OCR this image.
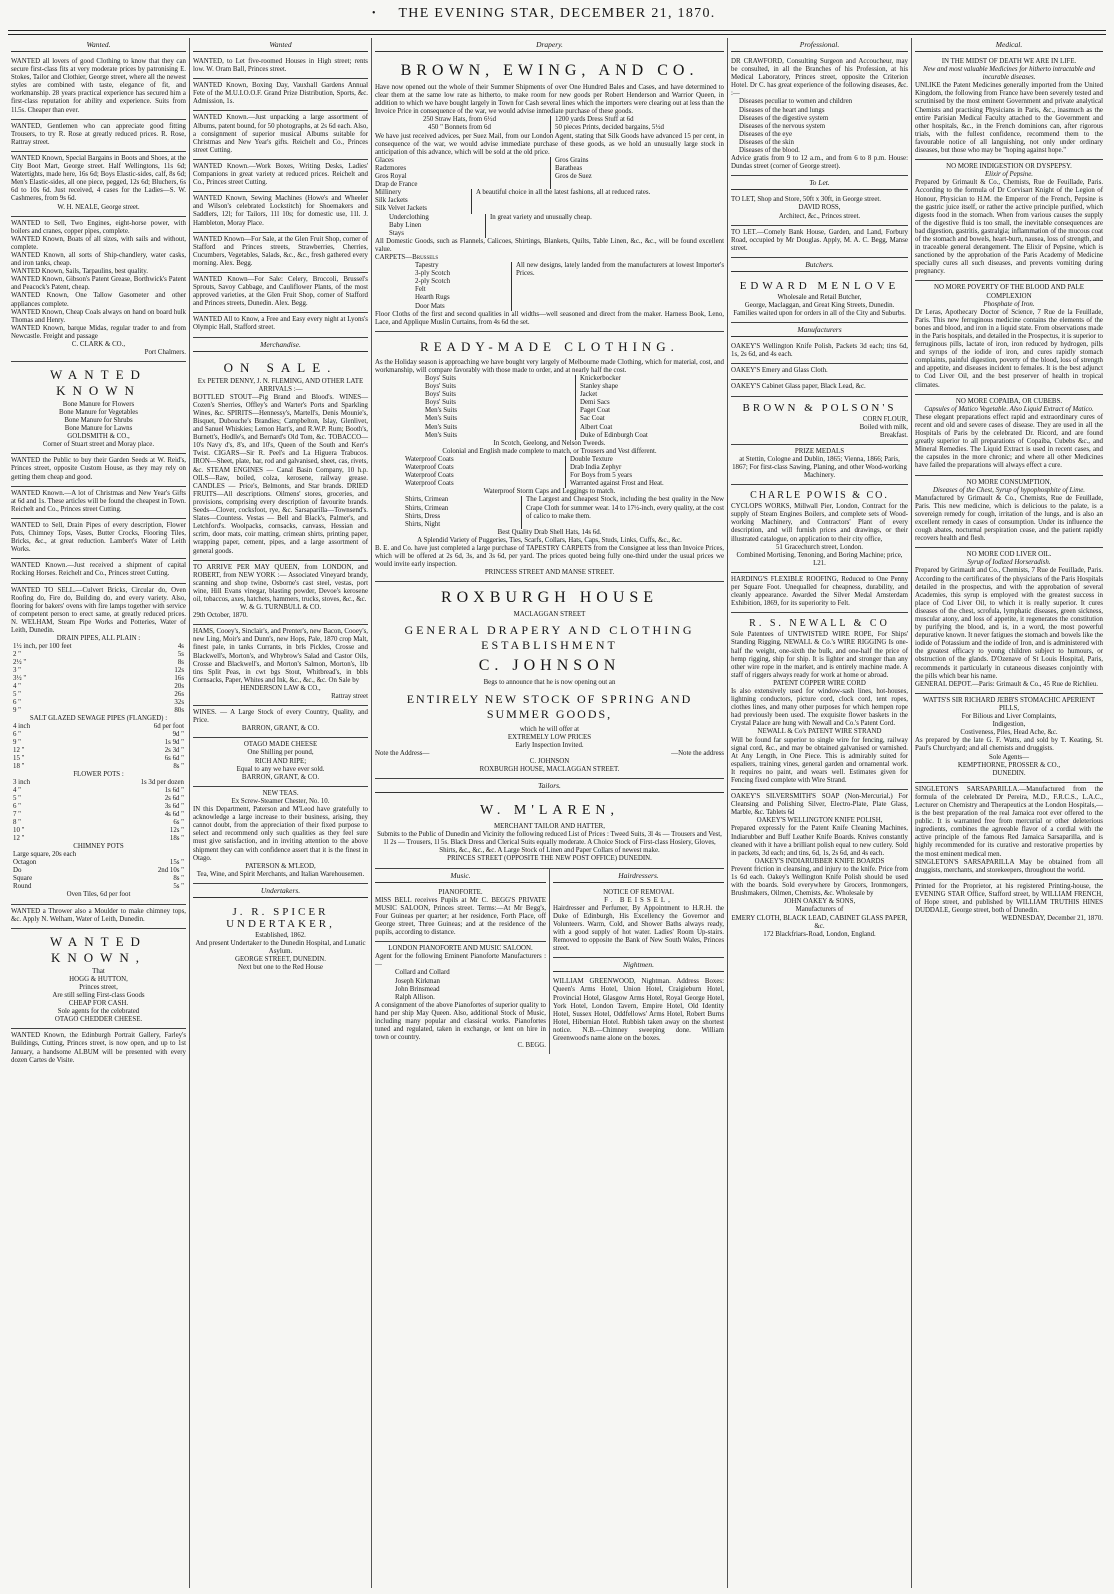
• THE EVENING STAR, DECEMBER 21, 1870.
Wanted.

WANTED all lovers of good Clothing to know that they can secure first-class fits at very moderate prices by patronising E. Stokes, Tailor and Clothier, George street, where all the newest styles are combined with taste, elegance of fit, and workmanship. 28 years practical experience has secured him a first-class reputation for ability and experience. Suits from 1l.5s. Cheaper than ever.

WANTED, Gentlemen who can appreciate good fitting Trousers, to try R. Rose at greatly reduced prices. R. Rose, Rattray street.

WANTED Known, Special Bargains in Boots and Shoes, at the City Boot Mart, George street. Half Wellingtons, 11s 6d; Watertights, made here, 16s 6d; Boys Elastic-sides, calf, 8s 6d; Men's Elastic-sides, all one piece, pegged, 12s 6d; Bluchers, 6s 6d to 10s 6d. Just received, 4 cases for the Ladies—S. W. Cashmeres, from 9s 6d.

W. H. NEALE, George street.

WANTED to Sell, Two Engines, eight-horse power, with boilers and cranes, copper pipes, complete.

WANTED Known, Boats of all sizes, with sails and without, complete.

WANTED Known, all sorts of Ship-chandlery, water casks, and iron tanks, cheap.

WANTED Known, Sails, Tarpaulins, best quality.

WANTED Known, Gibson's Patent Grease, Borthwick's Patent and Peacock's Patent, cheap.

WANTED Known, One Tallow Gasometer and other appliances complete.

WANTED Known, Cheap Coals always on hand on board hulk Thomas and Henry.

WANTED Known, barque Midas, regular trader to and from Newcastle. Freight and passage

C. CLARK & CO.,

Port Chalmers.

WANTED KNOWN

Bone Manure for Flowers

Bone Manure for Vegetables

Bone Manure for Shrubs

Bone Manure for Lawns

GOLDSMITH & CO.,

Corner of Stuart street and Moray place.

WANTED the Public to buy their Garden Seeds at W. Reid's, Princes street, opposite Custom House, as they may rely on getting them cheap and good.

WANTED Known.—A lot of Christmas and New Year's Gifts at 6d and 1s. These articles will be found the cheapest in Town. Reichelt and Co., Princes street Cutting.

WANTED to Sell, Drain Pipes of every description, Flower Pots, Chimney Tops, Vases, Butter Crocks, Flooring Tiles, Bricks, &c., at great reduction. Lambert's Water of Leith Works.

WANTED Known.—Just received a shipment of capital Rocking Horses. Reichelt and Co., Princes street Cutting.

WANTED TO SELL.—Culvert Bricks, Circular do, Oven Roofing do, Fire do, Building do, and every variety. Also, flooring for bakers' ovens with fire lamps together with service of competent person to erect same, at greatly reduced prices. N. WELHAM, Steam Pipe Works and Potteries, Water of Leith, Dunedin.

DRAIN PIPES, ALL PLAIN :

1½ inch, per 100 feet	4s
2 "	5s
2½ "	8s
3 "	12s
3½ "	16s
4 "	20s
5 "	26s
6 "	32s
9 "	80s

SALT GLAZED SEWAGE PIPES (FLANGED) :

4 inch	6d per foot
6 "	9d "
9 "	1s 9d "
12 "	2s 3d "
15 "	6s 6d "
18 "	8s "

FLOWER POTS :

3 inch	1s 3d per dozen
4 "	1s 6d "
5 "	2s 6d "
6 "	3s 6d "
7 "	4s 6d "
8 "	6s "
10 "	12s "
12 "	18s "

CHIMNEY POTS

Large square, 20s each	
Octagon	15s "
Do	2nd 10s "
Square	8s "
Round	5s "

Oven Tiles, 6d per foot

WANTED a Thrower also a Moulder to make chimney tops, &c. Apply N. Welham, Water of Leith, Dunedin.

WANTED KNOWN,

That

HOGG & HUTTON,

Princes street,

Are still selling First-class Goods

CHEAP FOR CASH.

Sole agents for the celebrated

OTAGO CHEDDER CHEESE.

WANTED Known, the Edinburgh Portrait Gallery, Farley's Buildings, Cutting, Princes street, is now open, and up to 1st January, a handsome ALBUM will be presented with every dozen Cartes de Visite.

Wanted

WANTED, to Let five-roomed Houses in High street; rents low. W. Oram Ball, Princes street.

WANTED Known, Boxing Day, Vauxhall Gardens Annual Fete of the M.U.I.O.O.F. Grand Prize Distribution, Sports, &c. Admission, 1s.

WANTED Known.—Just unpacking a large assortment of Albums, patent bound, for 50 photographs, at 2s 6d each. Also, a consignment of superior musical Albums suitable for Christmas and New Year's gifts. Reichelt and Co., Princes street Cutting.

WANTED Known.—Work Boxes, Writing Desks, Ladies' Companions in great variety at reduced prices. Reichelt and Co., Princes street Cutting.

WANTED Known, Sewing Machines (Howe's and Wheeler and Wilson's celebrated Lockstitch) for Shoemakers and Saddlers, 12l; for Tailors, 11l 10s; for domestic use, 11l. J. Hambleton, Moray Place.

WANTED Known—For Sale, at the Glen Fruit Shop, corner of Stafford and Princes streets, Strawberries, Cherries, Cucumbers, Vegetables, Salads, &c., &c., fresh gathered every morning. Alex. Begg.

WANTED Known—For Sale: Celery, Broccoli, Brussel's Sprouts, Savoy Cabbage, and Cauliflower Plants, of the most approved varieties, at the Glen Fruit Shop, corner of Stafford and Princes streets, Dunedin. Alex. Begg.

WANTED All to Know, a Free and Easy every night at Lyons's Olympic Hall, Stafford street.

Merchandise.
ON SALE.

Ex PETER DENNY, J. N. FLEMING, AND OTHER LATE ARRIVALS :—

BOTTLED STOUT—Pig Brand and Blood's. WINES—Cozen's Sherries, Offley's and Warter's Ports and Sparkling Wines, &c. SPIRITS—Hennessy's, Martell's, Denis Mounie's, Bisquet, Dubouche's Brandies; Campbelton, Islay, Glenlivet, and Sanuel Whiskies; Lemon Hart's, and R.W.P. Rum; Booth's, Burnett's, Hodlle's, and Bernard's Old Tom, &c. TOBACCO—10's Navy d's, 8's, and 10's, Queen of the South and Kerr's Twist. CIGARS—Sir R. Peel's and La Higuera Trabucos. IRON—Sheet, plate, bar, rod and galvanised, sheet, cas, rivets, &c. STEAM ENGINES — Canal Basin Company, 10 h.p. OILS—Raw, boiled, colza, kerosene, railway grease. CANDLES — Price's, Belmonts, and Star brands. DRIED FRUITS—All descriptions. Oilmens' stores, groceries, and provisions, comprising every description of favourite brands. Seeds—Clover, cocksfoot, rye, &c. Sarsaparilla—Townsend's. Slates—Countess. Vestas — Bell and Black's, Palmer's, and Letchford's. Woolpacks, cornsacks, canvass, Hessian and scrim, door mats, coir matting, crimean shirts, printing paper, wrapping paper, cement, pipes, and a large assortment of general goods.

TO ARRIVE PER MAY QUEEN, from LONDON, and ROBERT, from NEW YORK :— Associated Vineyard brandy, scanning and shop twine, Osborne's cast steel, vestas, port wine, Hill Evans vinegar, blasting powder, Devoe's kerosene oil, tobaccos, axes, hatchets, hammers, trucks, stoves, &c., &c.

W. & G. TURNBULL & CO.

29th October, 1870.

HAMS, Cooey's, Sinclair's, and Prenter's, new Bacon, Cooey's, new Ling, Moir's and Dunn's, new Hops, Pale, 1870 crop Malt, finest pale, in tanks Currants, in brls Pickles, Crosse and Blackwell's, Morton's, and Whybrow's Salad and Castor Oils, Crosse and Blackwell's, and Morton's Salmon, Morton's, 1lb tins Split Peas, in cwt bgs Stout, Whitbread's, in bbls Cornsacks, Paper, Whites and Ink, &c., &c., &c. On Sale by

HENDERSON LAW & CO.,

Rattray street

WINES. — A Large Stock of every Country, Quality, and Price.

BARRON, GRANT, & CO.

OTAGO MADE CHEESE

One Shilling per pound,

RICH AND RIPE;

Equal to any we have ever sold.

BARRON, GRANT, & CO.

NEW TEAS.

Ex Screw-Steamer Chester, No. 10.

IN this Department, Paterson and M'Leod have gratefully to acknowledge a large increase to their business, arising, they cannot doubt, from the appreciation of their fixed purpose to select and recommend only such qualities as they feel sure must give satisfaction, and in inviting attention to the above shipment they can with confidence assert that it is the finest in Otago.

PATERSON & M'LEOD,

Tea, Wine, and Spirit Merchants, and Italian Warehousemen.

Undertakers.
J. R. SPICER UNDERTAKER,

Established, 1862.

And present Undertaker to the Dunedin Hospital, and Lunatic Asylum.

GEORGE STREET, DUNEDIN.

Next but one to the Red House

Drapery.
BROWN, EWING, AND CO.

Have now opened out the whole of their Summer Shipments of over One Hundred Bales and Cases, and have determined to clear them at the same low rate as hitherto, to make room for new goods per Robert Henderson and Warrior Queen, in addition to which we have bought largely in Town for Cash several lines which the importers were clearing out at less than the Invoice Price in consequence of the war, we would advise inmediate purchase of these goods.

250 Straw Hats, from 6½d

450 " Bonnets from 6d

1200 yards Dress Stuff at 6d

50 pieces Prints, decided bargains, 5½d

We have just received advices, per Suez Mail, from our London Agent, stating that Silk Goods have advanced 15 per cent, in consequence of the war, we would advise immediate purchase of these goods, as we hold an unusually large stock in anticipation of this advance, which will be sold at the old price.

Glaces

Radzmores

Gros Royal

Drap de France

Gros Grains

Baratheas

Gros de Suez

Millinery

Silk Jackets

Silk Velvet Jackets

A beautiful choice in all the latest fashions, all at reduced rates.

Underclothing

Baby Linen

Stays

In great variety and unusually cheap.

All Domestic Goods, such as Flannels, Calicoes, Shirtings, Blankets, Quilts, Table Linen, &c., &c., will be found excellent value.

CARPETS—Brussels

Tapestry

3-ply Scotch

2-ply Scotch

Felt

Hearth Rugs

Door Mats

All new designs, lately landed from the manufacturers at lowest Importer's Prices.

Floor Cloths of the first and second qualities in all widths—well seasoned and direct from the maker. Harness Book, Leno, Lace, and Applique Muslin Curtains, from 4s 6d the set.

READY-MADE CLOTHING.

As the Holiday season is approaching we have bought very largely of Melbourne made Clothing, which for material, cost, and workmanship, will compare favorably with those made to order, and at nearly half the cost.

Boys' Suits

Boys' Suits

Boys' Suits

Boys' Suits

Knickerbocker

Stanley shape

Jacket

Demi Sacs

Men's Suits

Men's Suits

Men's Suits

Men's Suits

Paget Coat

Sac Coat

Albert Coat

Duke of Edinburgh Coat

In Scotch, Geelong, and Nelson Tweeds.

Colonial and English made complete to match, or Trousers and Vest different.

Waterproof Coats

Waterproof Coats

Waterproof Coats

Waterproof Coats

Double Texture

Drab India Zephyr

For Boys from 5 years

Warranted against Frost and Heat.

Waterproof Storm Caps and Leggings to match.

Shirts, Crimean

Shirts, Crimean

Shirts, Dress

Shirts, Night

The Largest and Cheapest Stock, including the best quality in the New Crape Cloth for summer wear. 14 to 17½-inch, every quality, at the cost of calico to make them.

Best Quality Drab Shell Hats, 14s 6d.

A Splendid Variety of Puggeries, Ties, Scarfs, Collars, Hats, Caps, Studs, Links, Cuffs, &c., &c.

B. E. and Co. have just completed a large purchase of TAPESTRY CARPETS from the Consignee at less than Invoice Prices, which will be offered at 2s 6d, 3s, and 3s 6d, per yard. The prices quoted being fully one-third under the usual prices we would invite early inspection.

PRINCESS STREET AND MANSE STREET.

ROXBURGH HOUSE

MACLAGGAN STREET

GENERAL DRAPERY AND CLOTHING ESTABLISHMENT
C. JOHNSON

Begs to announce that he is now opening out an

ENTIRELY NEW STOCK OF SPRING AND SUMMER GOODS,

which he will offer at

EXTREMELY LOW PRICES

Early Inspection Invited.

Note the Address—	—Note the address

C. JOHNSON

ROXBURGH HOUSE, MACLAGGAN STREET.

Tailors.
W. M'LAREN,

MERCHANT TAILOR AND HATTER,

Submits to the Public of Dunedin and Vicinity the following reduced List of Prices : Tweed Suits, 3l 4s — Trousers and Vest, 1l 2s — Trousers, 1l 5s. Black Dress and Clerical Suits equally moderate. A Choice Stock of First-class Hosiery, Gloves, Shirts, &c., &c., &c. A Large Stock of Linen and Paper Collars of newest make.

PRINCES STREET (OPPOSITE THE NEW POST OFFICE) DUNEDIN.

Music.

PIANOFORTE.

MISS BELL receives Pupils at Mr C. BEGG'S PRIVATE MUSIC SALOON, Princes street. Terms:—At Mr Begg's, Four Guineas per quarter; at her residence, Forth Place, off George street, Three Guineas; and at the residence of the pupils, according to distance.

LONDON PIANOFORTE AND MUSIC SALOON.

Agent for the following Eminent Pianoforte Manufacturers :—

Collard and Collard

Joseph Kirkman

John Brinsmead

Ralph Allison.

A consignment of the above Pianofortes of superior quality to hand per ship May Queen. Also, additional Stock of Music, including many popular and classical works. Pianofortes tuned and regulated, taken in exchange, or lent on hire in town or country.

C. BEGG.

Hairdressers.

NOTICE OF REMOVAL

F. BEISSEL,

Hairdresser and Perfumer, By Appointment to H.R.H. the Duke of Edinburgh, His Excellency the Governor and Volunteers. Warm, Cold, and Shower Baths always ready, with a good supply of hot water. Ladies' Room Up-stairs. Removed to opposite the Bank of New South Wales, Princes street.

Nightmen.

WILLIAM GREENWOOD, Nightman. Address Boxes: Queen's Arms Hotel, Union Hotel, Craigieburn Hotel, Provincial Hotel, Glasgow Arms Hotel, Royal George Hotel, York Hotel, London Tavern, Empire Hotel, Old Identity Hotel, Sussex Hotel, Oddfellows' Arms Hotel, Robert Burns Hotel, Hibernian Hotel. Rubbish taken away on the shortest notice. N.B.—Chimney sweeping done. William Greenwood's name alone on the boxes.

Professional.

DR CRAWFORD, Consulting Surgeon and Accoucheur, may be consulted, in all the Branches of his Profession, at his Medical Laboratory, Princes street, opposite the Criterion Hotel. Dr C. has great experience of the following diseases, &c. :—

Diseases peculiar to women and children

Diseases of the heart and lungs

Diseases of the digestive system

Diseases of the nervous system

Diseases of the eye

Diseases of the skin

Diseases of the blood.

Advice gratis from 9 to 12 a.m., and from 6 to 8 p.m. House: Dundas street (corner of George street).

To Let.

TO LET, Shop and Store, 50ft x 30ft, in George street.

DAVID ROSS,

Architect, &c., Princes street.

TO LET.—Comely Bank House, Garden, and Land, Forbury Road, occupied by Mr Douglas. Apply, M. A. C. Begg, Manse street.

Butchers.
EDWARD MENLOVE

Wholesale and Retail Butcher,

George, Maclaggan, and Great King Streets, Dunedin.

Families waited upon for orders in all of the City and Suburbs.

Manufacturers

OAKEY'S Wellington Knife Polish, Packets 3d each; tins 6d, 1s, 2s 6d, and 4s each.

OAKEY'S Emery and Glass Cloth.

OAKEY'S Cabinet Glass paper, Black Lead, &c.

BROWN & POLSON'S

CORN FLOUR,

Boiled with milk,

Breakfast.

PRIZE MEDALS

at Stettin, Cologne and Dublin, 1865; Vienna, 1866; Paris, 1867; For first-class Sawing, Planing, and other Wood-working Machinery.

CHARLE POWIS & CO.

CYCLOPS WORKS, Millwall Pier, London, Contract for the supply of Steam Engines Boilers, and complete sets of Wood-working Machinery, and Contractors' Plant of every description, and will furnish prices and drawings, or their illustrated catalogue, on application to their city office,

51 Gracechurch street, London.

Combined Mortising, Tenoning, and Boring Machine; price, L21.

HARDING'S FLEXIBLE ROOFING, Reduced to One Penny per Square Foot. Unequalled for cheapness, durability, and cleanly appearance. Awarded the Silver Medal Amsterdam Exhibition, 1869, for its superiority to Felt.

R. S. NEWALL & CO

Sole Patentees of UNTWISTED WIRE ROPE, For Ships' Standing Rigging, NEWALL & Co.'s WIRE RIGGING Is one-half the weight, one-sixth the bulk, and one-half the price of hemp rigging, ship for ship. It is lighter and stronger than any other wire rope in the market, and is entirely machine made. A staff of riggers always ready for work at home or abroad.

PATENT COPPER WIRE CORD

Is also extensively used for window-sash lines, hot-houses, lightning conductors, picture cord, clock cord, tent ropes, clothes lines, and many other purposes for which hempen rope had previously been used. The exquisite flower baskets in the Crystal Palace are hung with Newall and Co.'s Patent Cord.

NEWALL & Co's PATENT WIRE STRAND

Will be found far superior to single wire for fencing, railway signal cord, &c., and may be obtained galvanised or varnished. At Any Length, in One Piece. This is admirably suited for espaliers, training vines, general garden and ornamental work. It requires no paint, and wears well. Estimates given for Fencing fixed complete with Wire Strand.

OAKEY'S SILVERSMITH'S SOAP (Non-Mercurial,) For Cleansing and Polishing Silver, Electro-Plate, Plate Glass, Marble, &c. Tablets 6d

OAKEY'S WELLINGTON KNIFE POLISH,

Prepared expressly for the Patent Knife Cleaning Machines, Indiarubber and Buff Leather Knife Boards. Knives constantly cleaned with it have a brilliant polish equal to new cutlery. Sold in packets, 3d each; and tins, 6d, 1s, 2s 6d, and 4s each.

OAKEY'S INDIARUBBER KNIFE BOARDS

Prevent friction in cleansing, and injury to the knife. Price from 1s 6d each. Oakey's Wellington Knife Polish should be used with the boards. Sold everywhere by Grocers, Ironmongers, Brushmakers, Oilmen, Chemists, &c. Wholesale by

JOHN OAKEY & SONS,

Manufacturers of

EMERY CLOTH, BLACK LEAD, CABINET GLASS PAPER, &c.

172 Blackfriars-Road, London, England.

Medical.

IN THE MIDST OF DEATH WE ARE IN LIFE.

New and most valuable Medicines for hitherto intractable and incurable diseases.

UNLIKE the Patent Medicines generally imported from the United Kingdom, the following from France have been severely tested and scrutinised by the most eminent Government and private analytical Chemists and practising Physicians in Paris, &c., inasmuch as the entire Parisian Medical Faculty attached to the Government and other hospitals, &c., in the French dominions can, after rigorous trials, with the fullest confidence, recommend them to the favourable notice of all languishing, not only under ordinary diseases, but those who may be "hoping against hope."

NO MORE INDIGESTION OR DYSPEPSY.

Elixir of Pepsine.

Prepared by Grimault & Co., Chemists, Rue de Feuillade, Paris. According to the formula of Dr Corvisart Knight of the Legion of Honour, Physician to H.M. the Emperor of the French, Pepsine is the gastric juice itself, or rather the active principle purified, which digests food in the stomach. When from various causes the supply of the digestive fluid is too small, the inevitable consequences are bad digestion, gastritis, gastralgia; inflammation of the mucous coat of the stomach and bowels, heart-burn, nausea, loss of strength, and in traceable general derangement. The Elixir of Pepsine, which is sanctioned by the approbation of the Paris Academy of Medicine specially cures all such diseases, and prevents vomiting during pregnancy.

NO MORE POVERTY OF THE BLOOD AND PALE COMPLEXION

Phosphate of Iron.

Dr Leras, Apothecary Doctor of Science, 7 Rue de la Feuillade, Paris. This new ferruginous medicine contains the elements of the bones and blood, and iron in a liquid state. From observations made in the Paris hospitals, and detailed in the Prospectus, it is superior to ferruginous pills, lactate of iron, iron reduced by hydrogen, pills and syrups of the iodide of iron, and cures rapidly stomach complaints, painful digestion, poverty of the blood, loss of strength and appetite, and diseases incident to females. It is the best adjunct to Cod Liver Oil, and the best preserver of health in tropical climates.

NO MORE COPAIBA, OR CUBEBS.

Capsules of Matico Vegetable. Also Liquid Extract of Matico.

These elegant preparations effect rapid and extraordinary cures of recent and old and severe cases of disease. They are used in all the Hospitals of Paris by the celebrated Dr. Ricord, and are found greatly superior to all preparations of Copaiba, Cubebs &c., and Mineral Remedies. The Liquid Extract is used in recent cases, and the capsules in the more chronic; and where all other Medicines have failed the preparations will always effect a cure.

NO MORE CONSUMPTION,

Diseases of the Chest, Syrup of hypophosphite of Lime.

Manufactured by Grimault & Co., Chemists, Rue de Feuillade, Paris. This new medicine, which is delicious to the palate, is a sovereign remedy for cough, irritation of the lungs, and is also an excellent remedy in cases of consumption. Under its influence the cough abates, nocturnal perspiration cease, and the patient rapidly recovers health and flesh.

NO MORE COD LIVER OIL.

Syrup of Iodized Horseradish.

Prepared by Grimault and Co., Chemists, 7 Rue de Feuillade, Paris. According to the certificates of the physicians of the Paris Hospitals detailed in the prospectus, and with the approbation of several Academies, this syrup is employed with the greatest success in place of Cod Liver Oil, to which it is really superior. It cures diseases of the chest, scrofula, lymphatic diseases, green sickness, muscular atony, and loss of appetite, it regenerates the constitution by purifying the blood, and is, in a word, the most powerful depurative known. It never fatigues the stomach and bowels like the iodide of Potassium and the iodide of Iron, and is administered with the greatest efficacy to young children subject to humours, or obstruction of the glands. D'Ozenave of St Louis Hospital, Paris, recommends it particularly in cutaneous diseases conjointly with the pills which bear his name.

GENERAL DEPOT.—Paris: Grimault & Co., 45 Rue de Richlieu.

WATTS'S SIR RICHARD JEBB'S STOMACHIC APERIENT PILLS,

For Bilious and Liver Complaints,

Indigestion,

Costiveness, Piles, Head Ache, &c.

As prepared by the late G. F. Watts, and sold by T. Keating, St. Paul's Churchyard; and all chemists and druggists.

Sole Agents—

KEMPTHORNE, PROSSER & CO.,

DUNEDIN.

SINGLETON'S SARSAPARILLA.—Manufactured from the formula of the celebrated Dr Pereira, M.D., F.R.C.S., L.A.C., Lecturer on Chemistry and Therapeutics at the London Hospitals,—is the best preparation of the real Jamaica root ever offered to the public. It is warranted free from mercurial or other deleterious ingredients, combines the agreeable flavor of a cordial with the active principle of the famous Red Jamaica Sarsaparilla, and is highly recommended for its curative and restorative properties by the most eminent medical men.

SINGLETON'S SARSAPARILLA May be obtained from all druggists, merchants, and storekeepers, throughout the world.

Printed for the Proprietor, at his registered Printing-house, the EVENING STAR Office, Stafford street, by WILLIAM FRENCH, of Hope street, and published by WILLIAM TRUTHIS HINES DUDDALE, George street, both of Dunedin.

WEDNESDAY, December 21, 1870.
